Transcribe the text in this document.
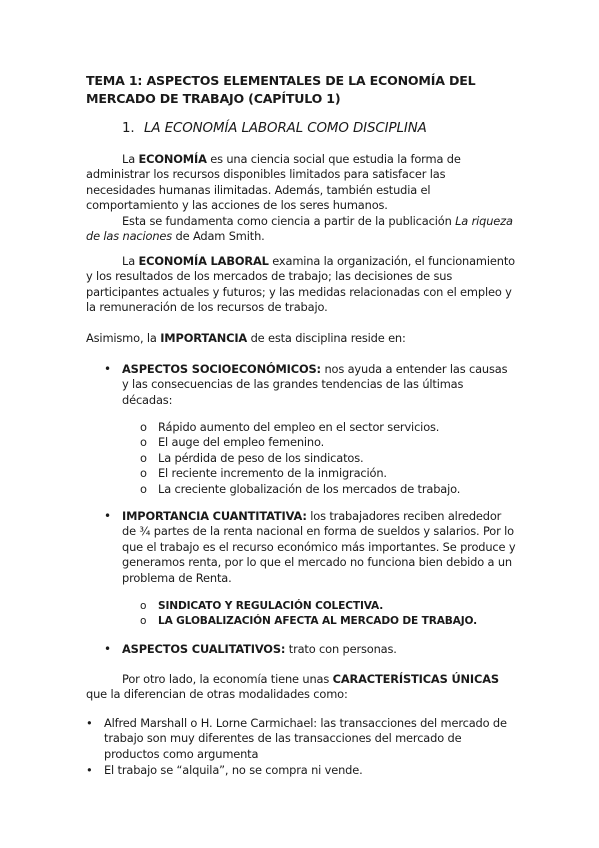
TEMA 1: ASPECTOS ELEMENTALES DE LA ECONOMÍA DEL
MERCADO DE TRABAJO (CAPÍTULO 1)
1. LA ECONOMÍA LABORAL COMO DISCIPLINA

La ECONOMÍA es una ciencia social que estudia la forma de administrar los recursos disponibles limitados para satisfacer las necesidades humanas ilimitadas. Además, también estudia el comportamiento y las acciones de los seres humanos.

Esta se fundamenta como ciencia a partir de la publicación La riqueza de las naciones de Adam Smith.

La ECONOMÍA LABORAL examina la organización, el funcionamiento y los resultados de los mercados de trabajo; las decisiones de sus participantes actuales y futuros; y las medidas relacionadas con el empleo y la remuneración de los recursos de trabajo.

Asimismo, la IMPORTANCIA de esta disciplina reside en:

• ASPECTOS SOCIOECONÓMICOS: nos ayuda a entender las causas y las consecuencias de las grandes tendencias de las últimas décadas:
o Rápido aumento del empleo en el sector servicios.
o El auge del empleo femenino.
o La pérdida de peso de los sindicatos.
o El reciente incremento de la inmigración.
o La creciente globalización de los mercados de trabajo.
• IMPORTANCIA CUANTITATIVA: los trabajadores reciben alrededor de ¾ partes de la renta nacional en forma de sueldos y salarios. Por lo que el trabajo es el recurso económico más importantes. Se produce y generamos renta, por lo que el mercado no funciona bien debido a un problema de Renta.
o SINDICATO Y REGULACIÓN COLECTIVA.
o LA GLOBALIZACIÓN AFECTA AL MERCADO DE TRABAJO.
• ASPECTOS CUALITATIVOS: trato con personas.

Por otro lado, la economía tiene unas CARACTERÍSTICAS ÚNICAS que la diferencian de otras modalidades como:

• Alfred Marshall o H. Lorne Carmichael: las transacciones del mercado de trabajo son muy diferentes de las transacciones del mercado de productos como argumenta
• El trabajo se “alquila”, no se compra ni vende.
